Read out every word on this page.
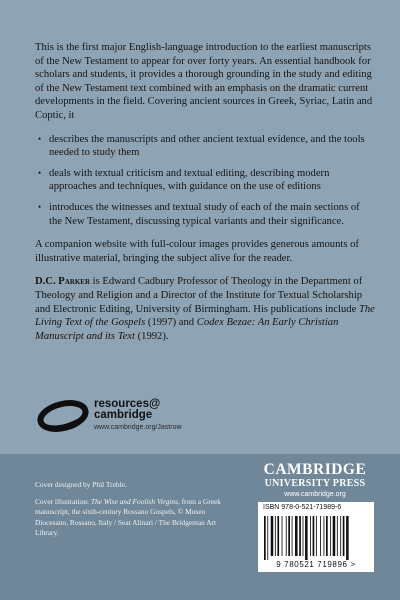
This is the first major English-language introduction to the earliest manuscripts of the New Testament to appear for over forty years. An essential handbook for scholars and students, it provides a thorough grounding in the study and editing of the New Testament text combined with an emphasis on the dramatic current developments in the field. Covering ancient sources in Greek, Syriac, Latin and Coptic, it

• describes the manuscripts and other ancient textual evidence, and the tools needed to study them
• deals with textual criticism and textual editing, describing modern approaches and techniques, with guidance on the use of editions
• introduces the witnesses and textual study of each of the main sections of the New Testament, discussing typical variants and their significance.

A companion website with full-colour images provides generous amounts of illustrative material, bringing the subject alive for the reader.

D.C. Parker is Edward Cadbury Professor of Theology in the Department of Theology and Religion and a Director of the Institute for Textual Scholarship and Electronic Editing, University of Birmingham. His publications include The Living Text of the Gospels (1997) and Codex Bezae: An Early Christian Manuscript and its Text (1992).

resources@
cambridge
www.cambridge.org/Jastrow

Cover designed by Phil Treble.

Cover illustration: The Wise and Foolish Virgins, from a Greek manuscript, the sixth-century Rossano Gospels, © Museo Diocesano, Rossano, Italy / Seat Alinari / The Bridgeman Art Library.

CAMBRIDGE
UNIVERSITY PRESS
www.cambridge.org
ISBN 978-0-521-71989-6
9 780521 719896 >
